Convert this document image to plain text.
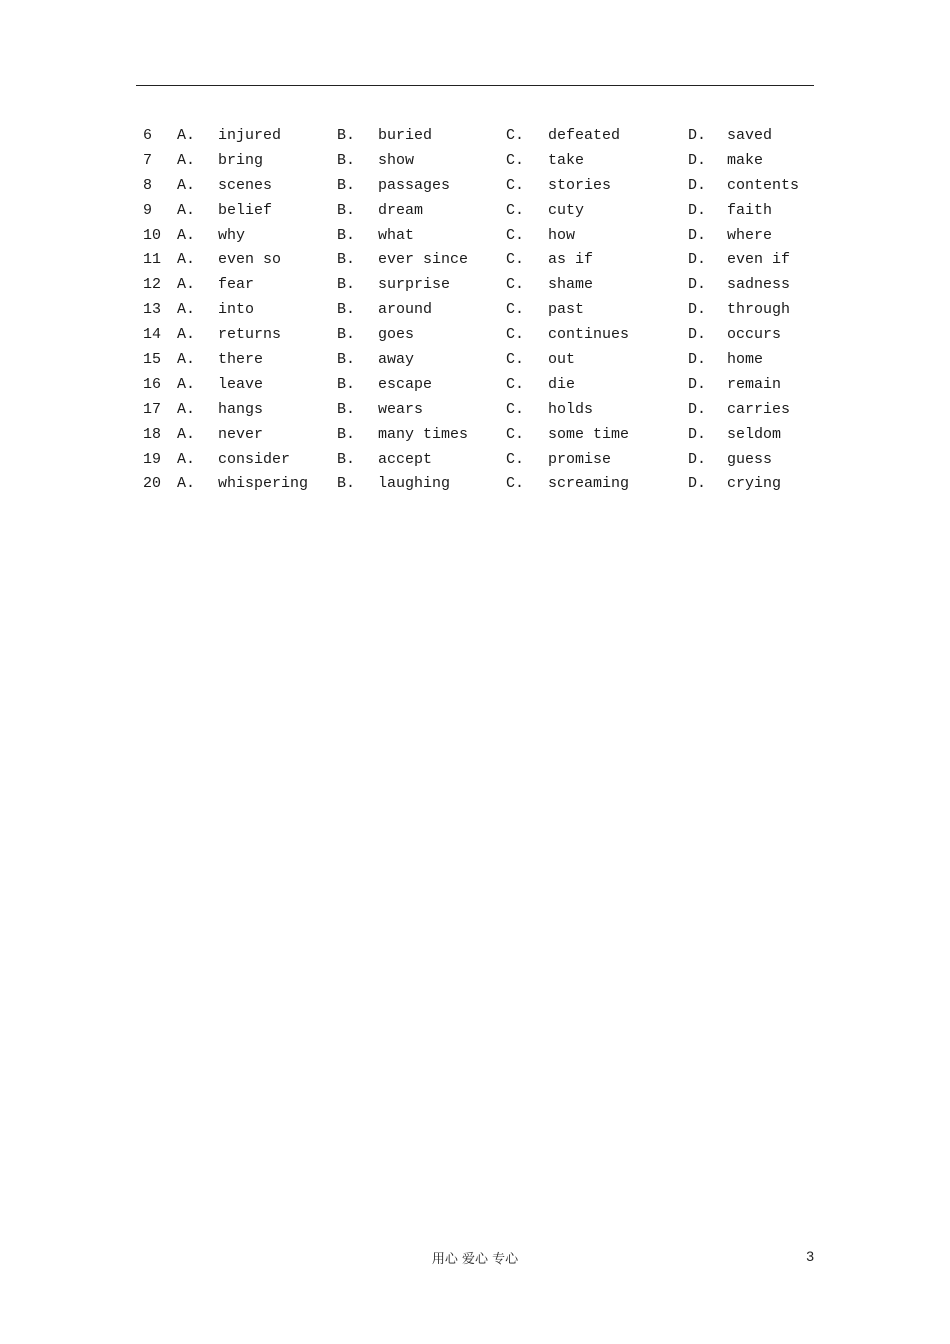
6 A. injured	B. buried	C. defeated	D. saved
7 A. bring	B. show	C. take	D. make
8 A. scenes	B. passages	C. stories	D. contents
9 A. belief	B. dream	C. cuty	D. faith
10 A. why	B. what	C. how	D. where
11 A. even so	B. ever since	C. as if	D. even if
12 A. fear	B. surprise	C. shame	D. sadness
13 A. into	B. around	C. past	D. through
14 A. returns	B. goes	C. continues	D. occurs
15 A. there	B. away	C. out	D. home
16 A. leave	B. escape	C. die	D. remain
17 A. hangs	B. wears	C. holds	D. carries
18 A. never	B. many times	C. some time	D. seldom
19 A. consider	B. accept	C. promise	D. guess
20 A. whispering B. laughing	C. screaming	D. crying
用心 爱心 专心	3
